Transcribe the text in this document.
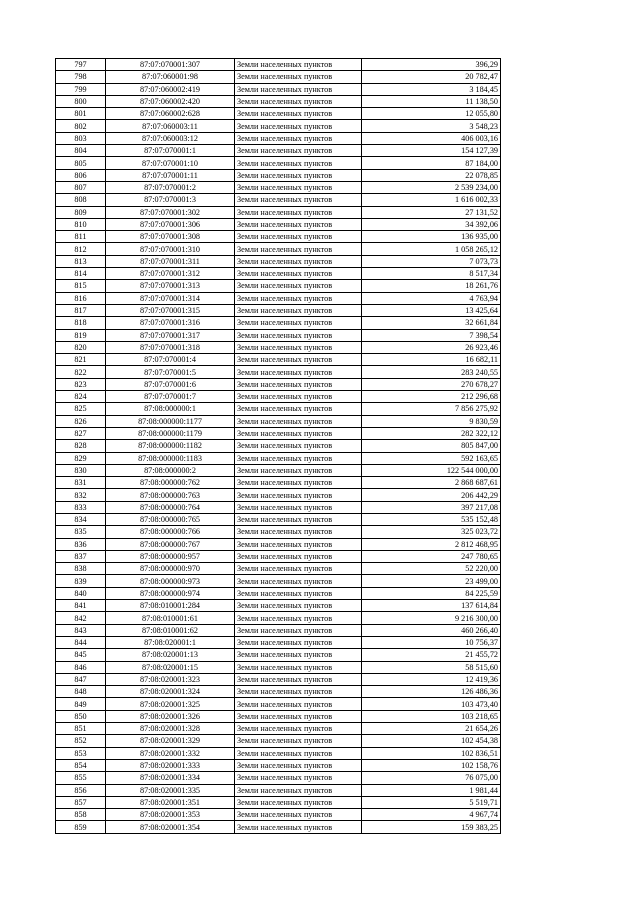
797	87:07:070001:307	Земли населенных пунктов	396,29
798	87:07:060001:98	Земли населенных пунктов	20 782,47
799	87:07:060002:419	Земли населенных пунктов	3 184,45
800	87:07:060002:420	Земли населенных пунктов	11 138,50
801	87:07:060002:628	Земли населенных пунктов	12 055,80
802	87:07:060003:11	Земли населенных пунктов	3 548,23
803	87:07:060003:12	Земли населенных пунктов	406 003,16
804	87:07:070001:1	Земли населенных пунктов	154 127,39
805	87:07:070001:10	Земли населенных пунктов	87 184,00
806	87:07:070001:11	Земли населенных пунктов	22 078,85
807	87:07:070001:2	Земли населенных пунктов	2 539 234,00
808	87:07:070001:3	Земли населенных пунктов	1 616 002,33
809	87:07:070001:302	Земли населенных пунктов	27 131,52
810	87:07:070001:306	Земли населенных пунктов	34 392,06
811	87:07:070001:308	Земли населенных пунктов	136 935,00
812	87:07:070001:310	Земли населенных пунктов	1 058 265,12
813	87:07:070001:311	Земли населенных пунктов	7 073,73
814	87:07:070001:312	Земли населенных пунктов	8 517,34
815	87:07:070001:313	Земли населенных пунктов	18 261,76
816	87:07:070001:314	Земли населенных пунктов	4 763,94
817	87:07:070001:315	Земли населенных пунктов	13 425,64
818	87:07:070001:316	Земли населенных пунктов	32 661,84
819	87:07:070001:317	Земли населенных пунктов	7 398,54
820	87:07:070001:318	Земли населенных пунктов	26 923,46
821	87:07:070001:4	Земли населенных пунктов	16 682,11
822	87:07:070001:5	Земли населенных пунктов	283 240,55
823	87:07:070001:6	Земли населенных пунктов	270 678,27
824	87:07:070001:7	Земли населенных пунктов	212 296,68
825	87:08:000000:1	Земли населенных пунктов	7 856 275,92
826	87:08:000000:1177	Земли населенных пунктов	9 830,59
827	87:08:000000:1179	Земли населенных пунктов	282 322,12
828	87:08:000000:1182	Земли населенных пунктов	805 847,00
829	87:08:000000:1183	Земли населенных пунктов	592 163,65
830	87:08:000000:2	Земли населенных пунктов	122 544 000,00
831	87:08:000000:762	Земли населенных пунктов	2 868 687,61
832	87:08:000000:763	Земли населенных пунктов	206 442,29
833	87:08:000000:764	Земли населенных пунктов	397 217,08
834	87:08:000000:765	Земли населенных пунктов	535 152,48
835	87:08:000000:766	Земли населенных пунктов	325 023,72
836	87:08:000000:767	Земли населенных пунктов	2 812 468,95
837	87:08:000000:957	Земли населенных пунктов	247 780,65
838	87:08:000000:970	Земли населенных пунктов	52 220,00
839	87:08:000000:973	Земли населенных пунктов	23 499,00
840	87:08:000000:974	Земли населенных пунктов	84 225,59
841	87:08:010001:284	Земли населенных пунктов	137 614,84
842	87:08:010001:61	Земли населенных пунктов	9 216 300,00
843	87:08:010001:62	Земли населенных пунктов	460 266,40
844	87:08:020001:1	Земли населенных пунктов	10 756,37
845	87:08:020001:13	Земли населенных пунктов	21 455,72
846	87:08:020001:15	Земли населенных пунктов	58 515,60
847	87:08:020001:323	Земли населенных пунктов	12 419,36
848	87:08:020001:324	Земли населенных пунктов	126 486,36
849	87:08:020001:325	Земли населенных пунктов	103 473,40
850	87:08:020001:326	Земли населенных пунктов	103 218,65
851	87:08:020001:328	Земли населенных пунктов	21 654,26
852	87:08:020001:329	Земли населенных пунктов	102 454,38
853	87:08:020001:332	Земли населенных пунктов	102 836,51
854	87:08:020001:333	Земли населенных пунктов	102 158,76
855	87:08:020001:334	Земли населенных пунктов	76 075,00
856	87:08:020001:335	Земли населенных пунктов	1 981,44
857	87:08:020001:351	Земли населенных пунктов	5 519,71
858	87:08:020001:353	Земли населенных пунктов	4 967,74
859	87:08:020001:354	Земли населенных пунктов	159 383,25
